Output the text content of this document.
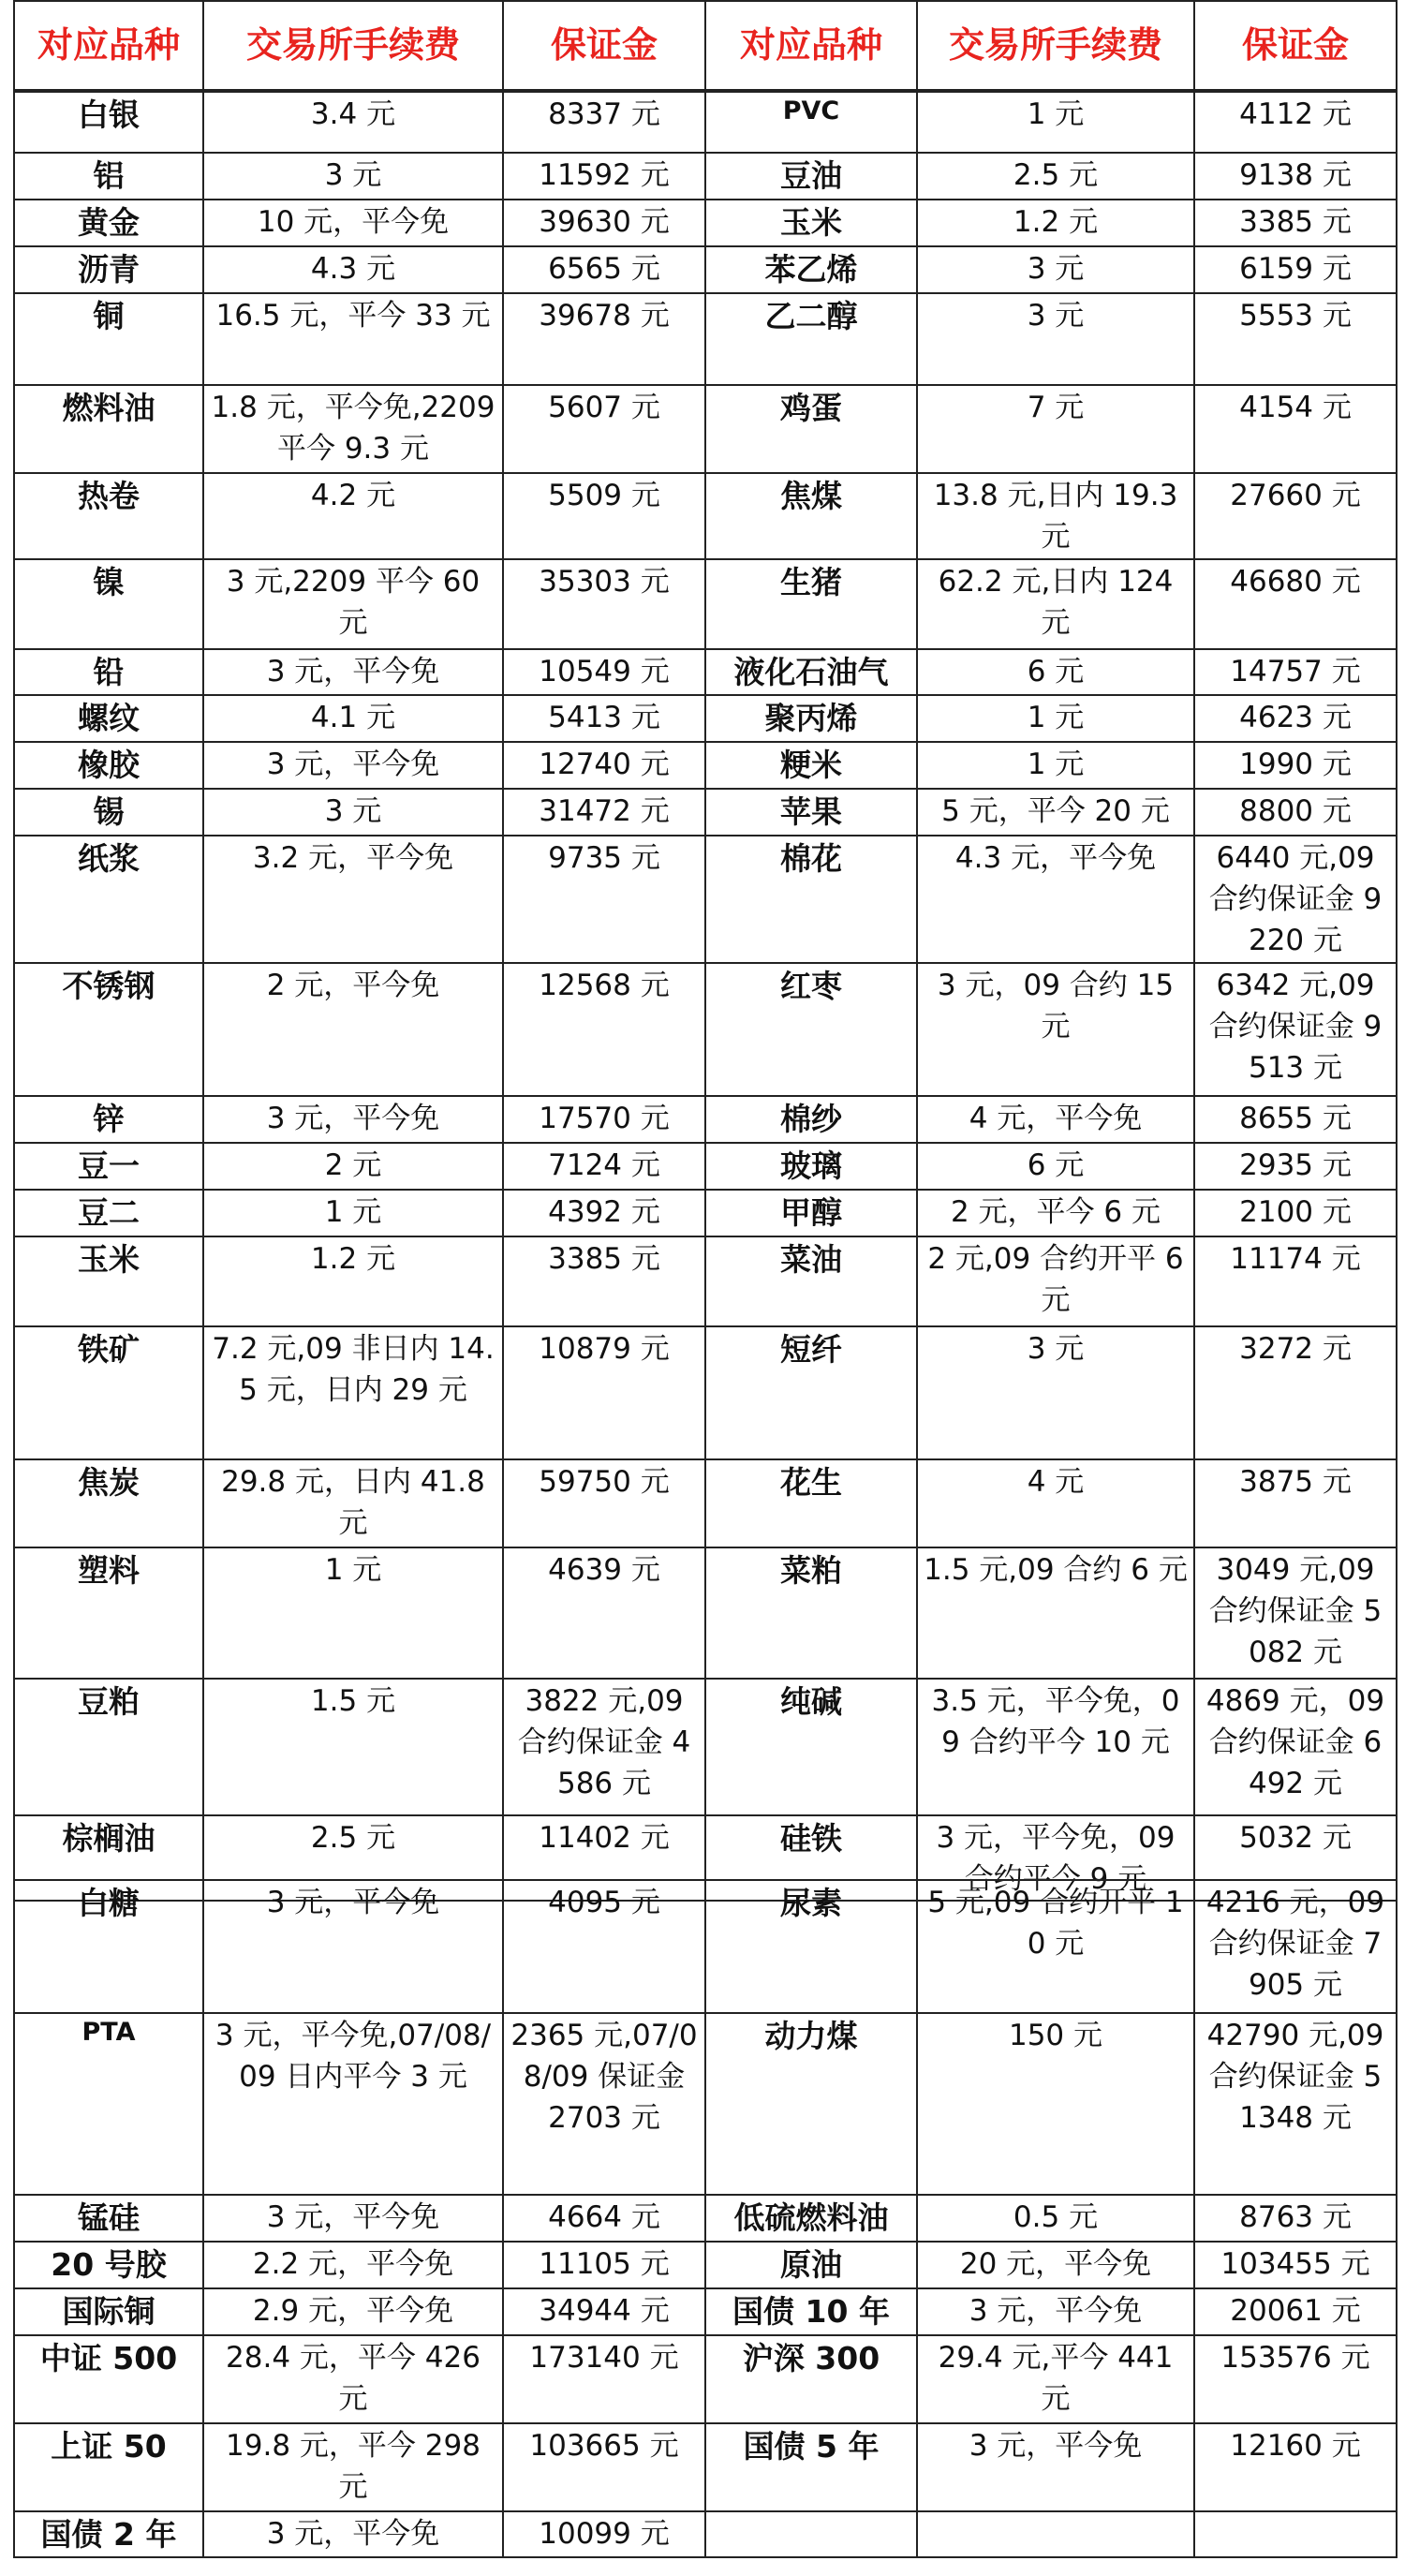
对应品种	交易所手续费	保证金	对应品种	交易所手续费	保证金
白银	3.4 元	8337 元	PVC	1 元	4112 元
铝	3 元	11592 元	豆油	2.5 元	9138 元
黄金	10 元，平今免	39630 元	玉米	1.2 元	3385 元
沥青	4.3 元	6565 元	苯乙烯	3 元	6159 元
铜	16.5 元，平今 33 元	39678 元	乙二醇	3 元	5553 元
燃料油	1.8 元，平今免,2209 平今 9.3 元	5607 元	鸡蛋	7 元	4154 元
热卷	4.2 元	5509 元	焦煤	13.8 元,日内 19.3 元	27660 元
镍	3 元,2209 平今 60 元	35303 元	生猪	62.2 元,日内 124 元	46680 元
铅	3 元，平今免	10549 元	液化石油气	6 元	14757 元
螺纹	4.1 元	5413 元	聚丙烯	1 元	4623 元
橡胶	3 元，平今免	12740 元	粳米	1 元	1990 元
锡	3 元	31472 元	苹果	5 元，平今 20 元	8800 元
纸浆	3.2 元，平今免	9735 元	棉花	4.3 元，平今免	6440 元,09 合约保证金 9220 元
不锈钢	2 元，平今免	12568 元	红枣	3 元，09 合约 15 元	6342 元,09 合约保证金 9513 元
锌	3 元，平今免	17570 元	棉纱	4 元，平今免	8655 元
豆一	2 元	7124 元	玻璃	6 元	2935 元
豆二	1 元	4392 元	甲醇	2 元，平今 6 元	2100 元
玉米	1.2 元	3385 元	菜油	2 元,09 合约开平 6 元	11174 元
铁矿	7.2 元,09 非日内 14.5 元，日内 29 元	10879 元	短纤	3 元	3272 元
焦炭	29.8 元，日内 41.8 元	59750 元	花生	4 元	3875 元
塑料	1 元	4639 元	菜粕	1.5 元,09 合约 6 元	3049 元,09 合约保证金 5082 元
豆粕	1.5 元	3822 元,09 合约保证金 4586 元	纯碱	3.5 元，平今免，09 合约平今 10 元	4869 元，09 合约保证金 6492 元
棕榈油	2.5 元	11402 元	硅铁	3 元，平今免，09 合约平今 9 元	5032 元
白糖	3 元，平今免	4095 元	尿素	5 元,09 合约开平 10 元	4216 元，09 合约保证金 7905 元
PTA	3 元，平今免,07/08/09 日内平今 3 元	2365 元,07/08/09 保证金 2703 元	动力煤	150 元	42790 元,09 合约保证金 51348 元
锰硅	3 元，平今免	4664 元	低硫燃料油	0.5 元	8763 元
20 号胶	2.2 元，平今免	11105 元	原油	20 元，平今免	103455 元
国际铜	2.9 元，平今免	34944 元	国债 10 年	3 元，平今免	20061 元
中证 500	28.4 元，平今 426 元	173140 元	沪深 300	29.4 元,平今 441 元	153576 元
上证 50	19.8 元，平今 298 元	103665 元	国债 5 年	3 元，平今免	12160 元
国债 2 年	3 元，平今免	10099 元			
